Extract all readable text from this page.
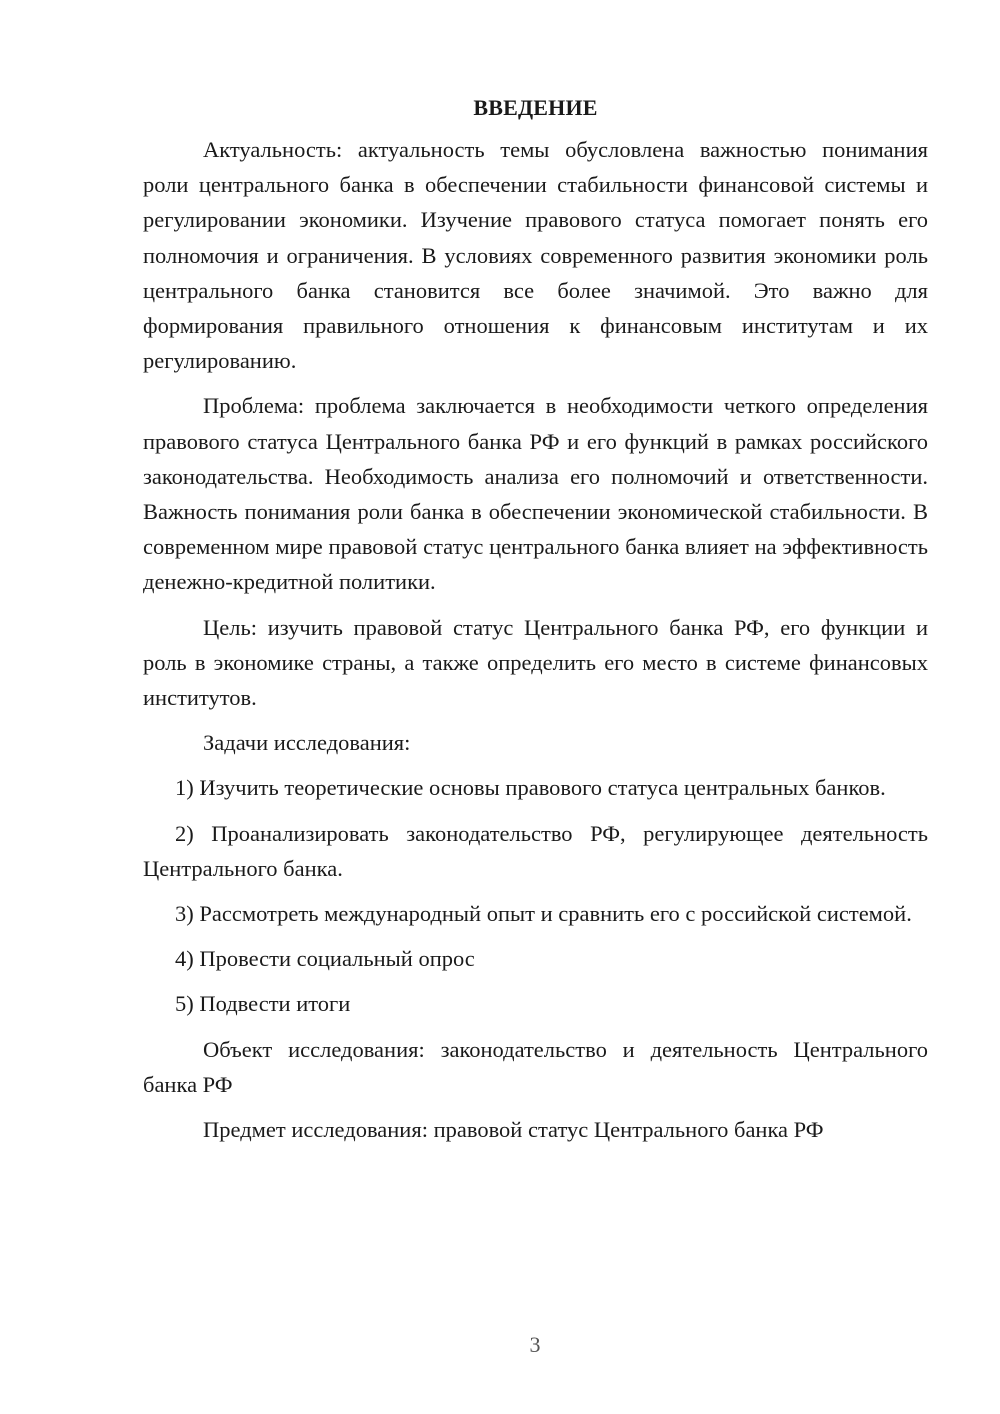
ВВЕДЕНИЕ

Актуальность: актуальность темы обусловлена важностью понимания роли центрального банка в обеспечении стабильности финансовой системы и регулировании экономики. Изучение правового статуса помогает понять его полномочия и ограничения. В условиях современного развития экономики роль центрального банка становится все более значимой. Это важно для формирования правильного отношения к финансовым институтам и их регулированию.

Проблема: проблема заключается в необходимости четкого определения правового статуса Центрального банка РФ и его функций в рамках российского законодательства. Необходимость анализа его полномочий и ответственности. Важность понимания роли банка в обеспечении экономической стабильности. В современном мире правовой статус центрального банка влияет на эффективность денежно-кредитной политики.

Цель: изучить правовой статус Центрального банка РФ, его функции и роль в экономике страны, а также определить его место в системе финансовых институтов.

Задачи исследования:

1) Изучить теоретические основы правового статуса центральных банков.

2) Проанализировать законодательство РФ, регулирующее деятельность Центрального банка.

3) Рассмотреть международный опыт и сравнить его с российской системой.

4) Провести социальный опрос

5) Подвести итоги

Объект исследования: законодательство и деятельность Центрального банка РФ

Предмет исследования: правовой статус Центрального банка РФ

3
